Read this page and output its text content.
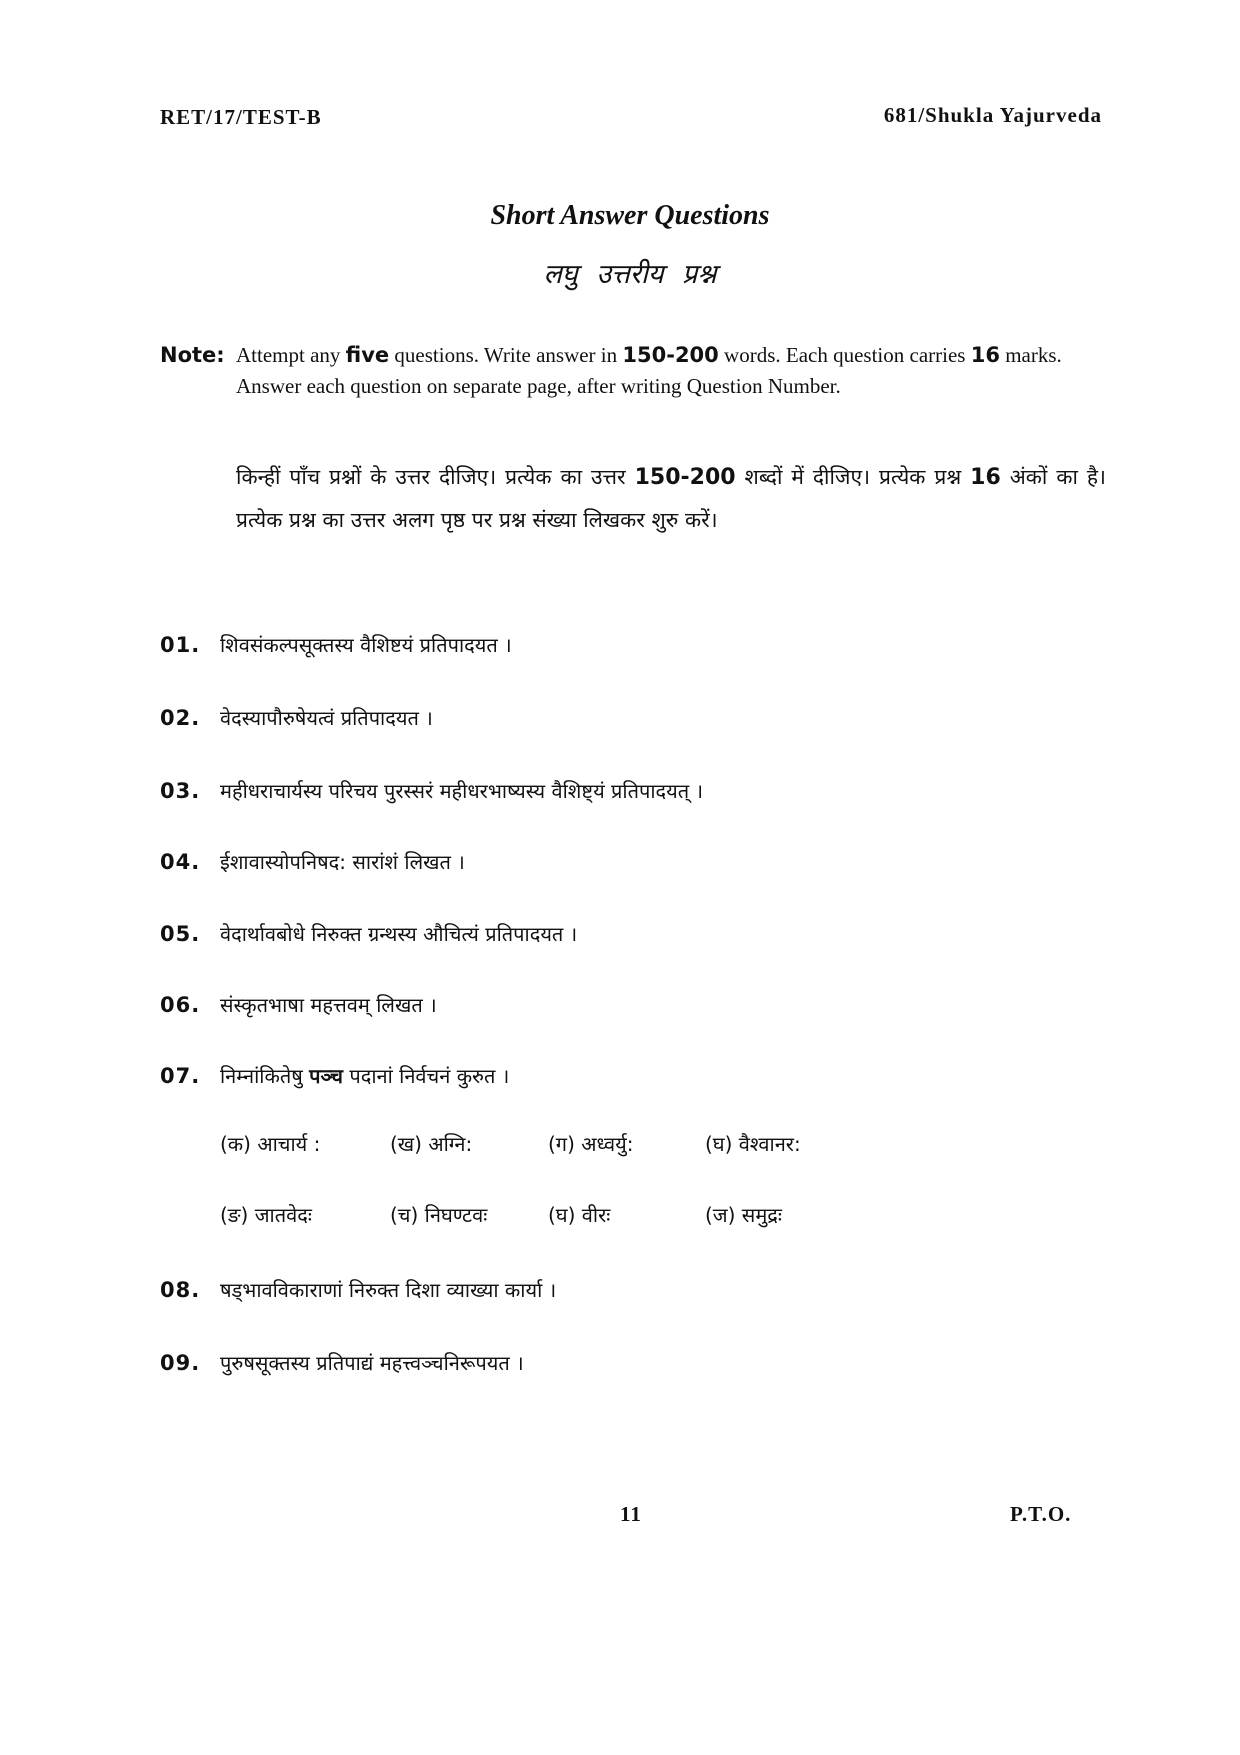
RET/17/TEST-B	681/Shukla Yajurveda
Short Answer Questions
लघु उत्तरीय प्रश्न
Note: Attempt any five questions. Write answer in 150-200 words. Each question carries 16 marks. Answer each question on separate page, after writing Question Number.
किन्हीं पाँच प्रश्नों के उत्तर दीजिए। प्रत्येक का उत्तर 150-200 शब्दों में दीजिए। प्रत्येक प्रश्न 16 अंकों का है। प्रत्येक प्रश्न का उत्तर अलग पृष्ठ पर प्रश्न संख्या लिखकर शुरु करें।
01. शिवसंकल्पसूक्तस्य वैशिष्टयं प्रतिपादयत ।
02. वेदस्यापौरुषेयत्वं प्रतिपादयत ।
03. महीधराचार्यस्य परिचय पुरस्सरं महीधरभाष्यस्य वैशिष्ट्यं प्रतिपादयत् ।
04. ईशावास्योपनिषद: सारांशं लिखत ।
05. वेदार्थावबोधे निरुक्त ग्रन्थस्य औचित्यं प्रतिपादयत ।
06. संस्कृतभाषा महत्तवम् लिखत ।
07. निम्नांकितेषु पञ्च पदानां निर्वचनं कुरुत ।
(क) आचार्य :	(ख) अग्नि:	(ग) अध्वर्यु:	(घ) वैश्वानर:
(ङ) जातवेदः	(च) निघण्टवः	(घ) वीरः	(ज) समुद्रः
08. षड्भावविकाराणां निरुक्त दिशा व्याख्या कार्या ।
09. पुरुषसूक्तस्य प्रतिपाद्यं महत्त्वञ्चनिरूपयत ।
11	P.T.O.
